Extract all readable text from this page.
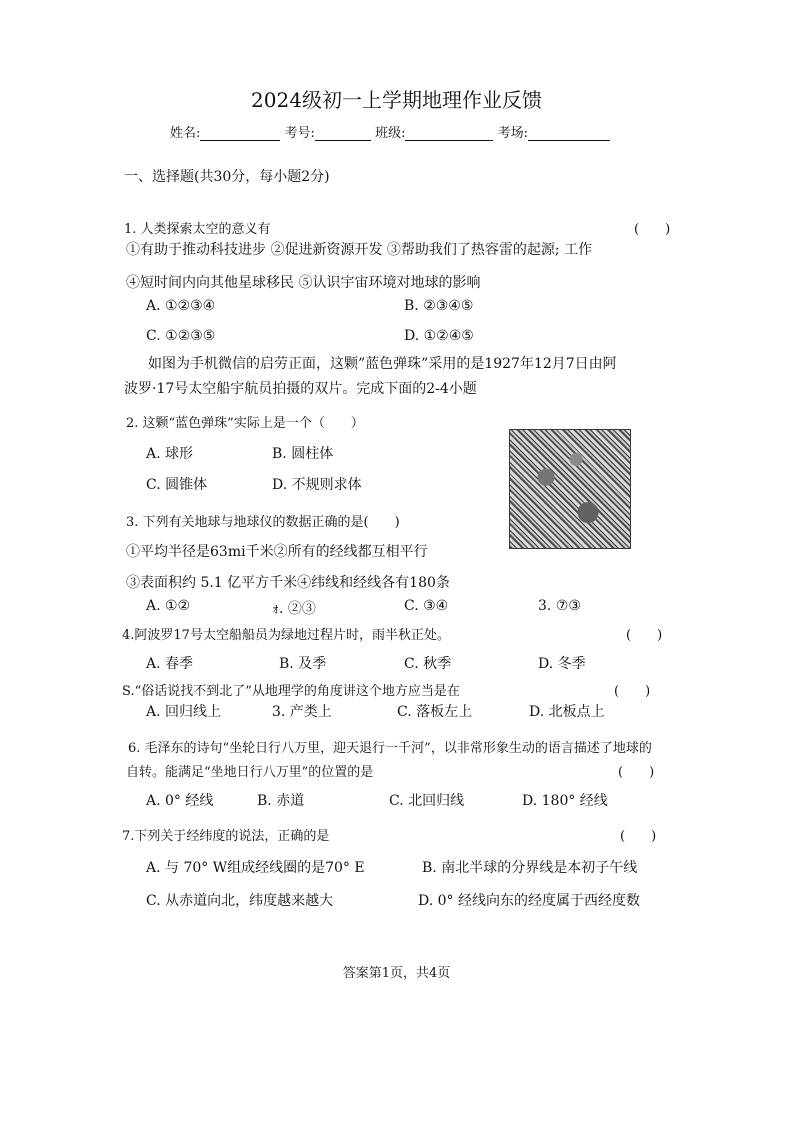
2024级初一上学期地理作业反馈
姓名:	考号:	班级:	考场:
一、选择题(共30分，每小题2分)
1. 人类探索太空的意义有	(　　)
①有助于推动科技进步 ②促进新资源开发 ③帮助我们了热容雷的起源; 工作
④短时间内向其他星球移民 ⑤认识宇宙环境对地球的影响
A. ①②③④	B. ②③④⑤
C. ①②③⑤	D. ①②④⑤
如图为手机微信的启劳正面，这颗”蓝色弹珠”采用的是1927年12月7日由阿
波罗·17号太空船宇航员拍摄的双片。完成下面的2-4小题
2. 这颗“蓝色弹珠”实际上是一个（　　）
A. 球形	B. 圆柱体
C. 圆锥体	D. 不规则求体
3. 下列有关地球与地球仪的数据正确的是(　　)
①平均半径是63mi千米②所有的经线都互相平行
③表面积约 5.1 亿平方千米④纬线和经线各有180条
A. ①②	ｫ. ②③	C. ③④	3. ⑦③
4.阿波罗17号太空船船员为绿地过程片时，雨半秋正处。	(　　)
A. 春季	B. 及季	C. 秋季	D. 冬季
S.“俗话说找不到北了”从地理学的角度讲这个地方应当是在	(　　)
A. 回归线上	3. 产类上	C. 落板左上	D. 北板点上
6. 毛泽东的诗句“坐轮日行八万里，迎天退行一千河”，以非常形象生动的语言描述了地球的
自转。能满足“坐地日行八万里”的位置的是	(　　)
A. 0° 经线	B. 赤道	C. 北回归线	D. 180° 经线
7.下列关于经纬度的说法，正确的是	(　　)
A. 与 70° W组成经线圈的是70° E	B. 南北半球的分界线是本初子午线
C. 从赤道向北，纬度越来越大	D. 0° 经线向东的经度属于西经度数
答案第1页，共4页
